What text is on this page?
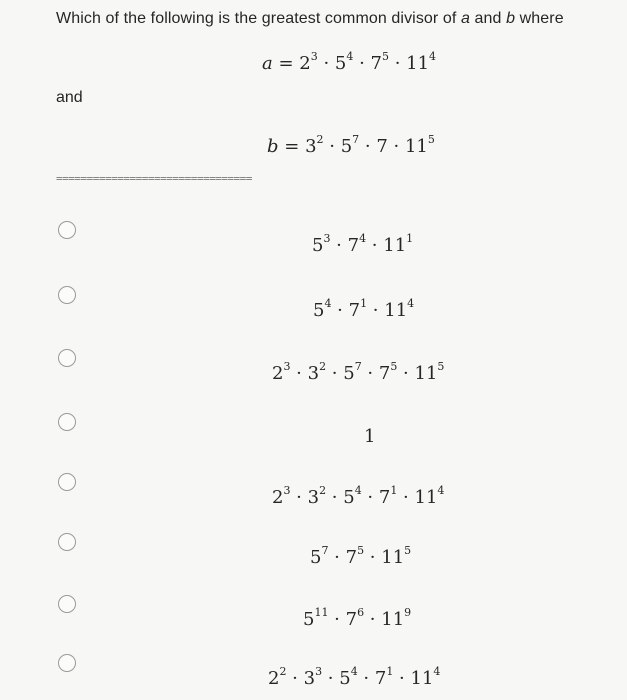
Which of the following is the greatest common divisor of a and b where
$a = 2^3 \cdot 5^4 \cdot 7^5 \cdot 11^4$
and
$b = 3^2 \cdot 5^7 \cdot 7 \cdot 11^5$
================================
$5^3 \cdot 7^4 \cdot 11^1$
$5^4 \cdot 7^1 \cdot 11^4$
$2^3 \cdot 3^2 \cdot 5^7 \cdot 7^5 \cdot 11^5$
1
$2^3 \cdot 3^2 \cdot 5^4 \cdot 7^1 \cdot 11^4$
$5^7 \cdot 7^5 \cdot 11^5$
$5^{11} \cdot 7^6 \cdot 11^9$
$2^2 \cdot 3^3 \cdot 5^4 \cdot 7^1 \cdot 11^4$
